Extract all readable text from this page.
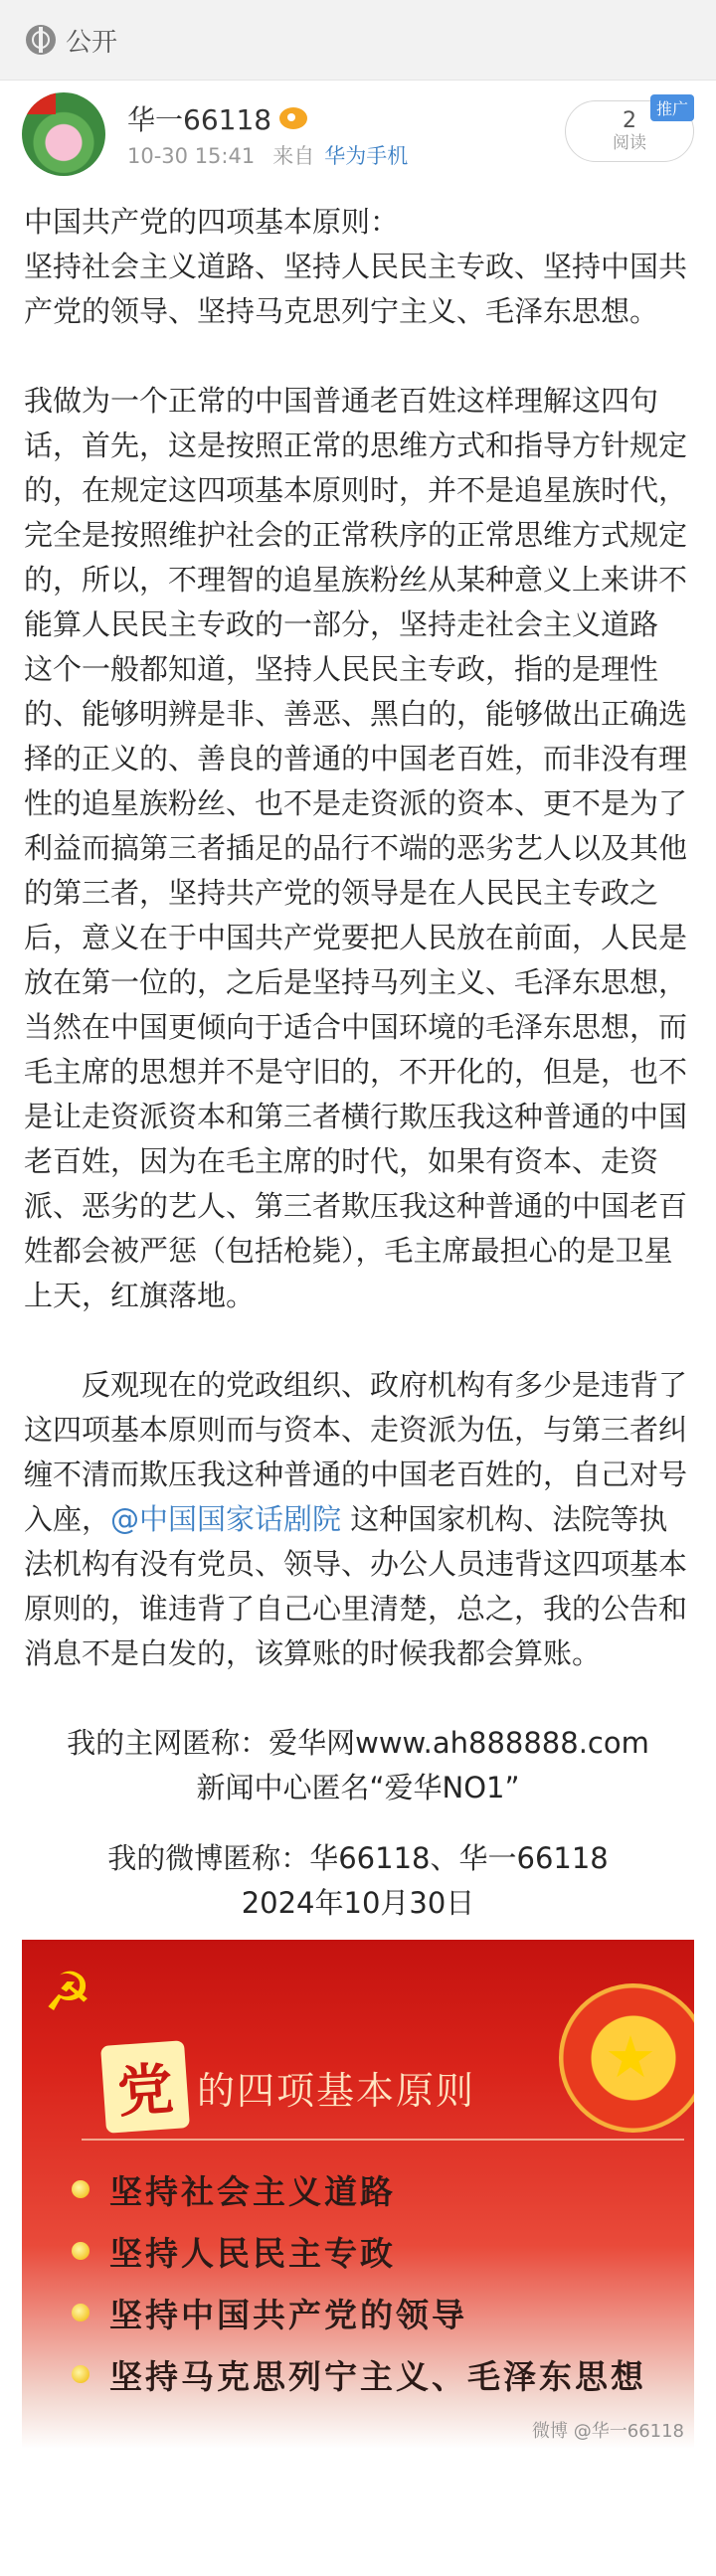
公开
★
华一66118
10-30 15:41 来自 华为手机
2
阅读
推广

中国共产党的四项基本原则：

坚持社会主义道路、坚持人民民主专政、坚持中国共产党的领导、坚持马克思列宁主义、毛泽东思想。

我做为一个正常的中国普通老百姓这样理解这四句话，首先，这是按照正常的思维方式和指导方针规定的，在规定这四项基本原则时，并不是追星族时代，完全是按照维护社会的正常秩序的正常思维方式规定的，所以，不理智的追星族粉丝从某种意义上来讲不能算人民民主专政的一部分，坚持走社会主义道路 这个一般都知道，坚持人民民主专政，指的是理性的、能够明辨是非、善恶、黑白的，能够做出正确选择的正义的、善良的普通的中国老百姓，而非没有理性的追星族粉丝、也不是走资派的资本、更不是为了利益而搞第三者插足的品行不端的恶劣艺人以及其他的第三者，坚持共产党的领导是在人民民主专政之后，意义在于中国共产党要把人民放在前面，人民是放在第一位的，之后是坚持马列主义、毛泽东思想，当然在中国更倾向于适合中国环境的毛泽东思想，而毛主席的思想并不是守旧的，不开化的，但是，也不是让走资派资本和第三者横行欺压我这种普通的中国老百姓，因为在毛主席的时代，如果有资本、走资派、恶劣的艺人、第三者欺压我这种普通的中国老百姓都会被严惩（包括枪毙），毛主席最担心的是卫星上天，红旗落地。

反观现在的党政组织、政府机构有多少是违背了这四项基本原则而与资本、走资派为伍，与第三者纠缠不清而欺压我这种普通的中国老百姓的，自己对号入座，@中国国家话剧院 这种国家机构、法院等执法机构有没有党员、领导、办公人员违背这四项基本原则的，谁违背了自己心里清楚，总之，我的公告和消息不是白发的，该算账的时候我都会算账。

我的主网匿称：爱华网www.ah888888.com
新闻中心匿名“爱华NO1”
我的微博匿称：华66118、华一66118
2024年10月30日
☭
★
党 的四项基本原则
坚持社会主义道路
坚持人民民主专政
坚持中国共产党的领导
坚持马克思列宁主义、毛泽东思想
微博 @华一66118
